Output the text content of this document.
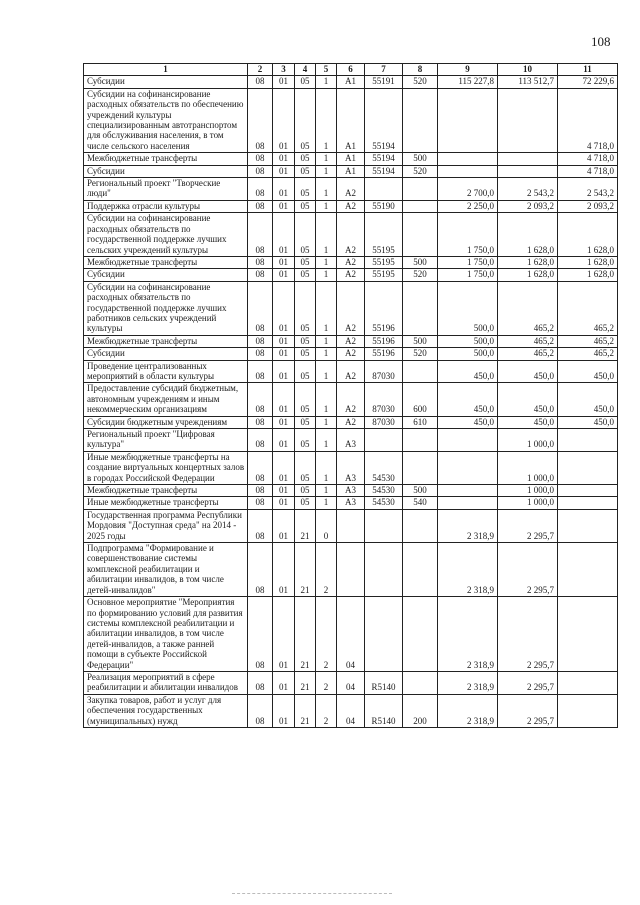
108
1	2	3	4	5	6	7	8	9	10	11
Субсидии	08	01	05	1	A1	55191	520	115 227,8	113 512,7	72 229,6
Субсидии на софинансирование расходных обязательств по обеспечению учреждений культуры специализированным автотранспортом для обслуживания населения, в том числе сельского населения	08	01	05	1	A1	55194				4 718,0
Межбюджетные трансферты	08	01	05	1	A1	55194	500			4 718,0
Субсидии	08	01	05	1	A1	55194	520			4 718,0
Региональный проект "Творческие люди"	08	01	05	1	A2			2 700,0	2 543,2	2 543,2
Поддержка отрасли культуры	08	01	05	1	A2	55190		2 250,0	2 093,2	2 093,2
Субсидии на софинансирование расходных обязательств по государственной поддержке лучших сельских учреждений культуры	08	01	05	1	A2	55195		1 750,0	1 628,0	1 628,0
Межбюджетные трансферты	08	01	05	1	A2	55195	500	1 750,0	1 628,0	1 628,0
Субсидии	08	01	05	1	A2	55195	520	1 750,0	1 628,0	1 628,0
Субсидии на софинансирование расходных обязательств по государственной поддержке лучших работников сельских учреждений культуры	08	01	05	1	A2	55196		500,0	465,2	465,2
Межбюджетные трансферты	08	01	05	1	A2	55196	500	500,0	465,2	465,2
Субсидии	08	01	05	1	A2	55196	520	500,0	465,2	465,2
Проведение централизованных мероприятий в области культуры	08	01	05	1	A2	87030		450,0	450,0	450,0
Предоставление субсидий бюджетным, автономным учреждениям и иным некоммерческим организациям	08	01	05	1	A2	87030	600	450,0	450,0	450,0
Субсидии бюджетным учреждениям	08	01	05	1	A2	87030	610	450,0	450,0	450,0
Региональный проект "Цифровая культура"	08	01	05	1	A3				1 000,0	
Иные межбюджетные трансферты на создание виртуальных концертных залов в городах Российской Федерации	08	01	05	1	A3	54530			1 000,0	
Межбюджетные трансферты	08	01	05	1	A3	54530	500		1 000,0	
Иные межбюджетные трансферты	08	01	05	1	A3	54530	540		1 000,0	
Государственная программа Республики Мордовия "Доступная среда" на 2014 - 2025 годы	08	01	21	0				2 318,9	2 295,7	
Подпрограмма "Формирование и совершенствование системы комплексной реабилитации и абилитации инвалидов, в том числе детей-инвалидов"	08	01	21	2				2 318,9	2 295,7	
Основное мероприятие "Мероприятия по формированию условий для развития системы комплексной реабилитации и абилитации инвалидов, в том числе детей-инвалидов, а также ранней помощи в субъекте Российской Федерации"	08	01	21	2	04			2 318,9	2 295,7	
Реализация мероприятий в сфере реабилитации и абилитации инвалидов	08	01	21	2	04	R5140		2 318,9	2 295,7	
Закупка товаров, работ и услуг для обеспечения государственных (муниципальных) нужд	08	01	21	2	04	R5140	200	2 318,9	2 295,7	
